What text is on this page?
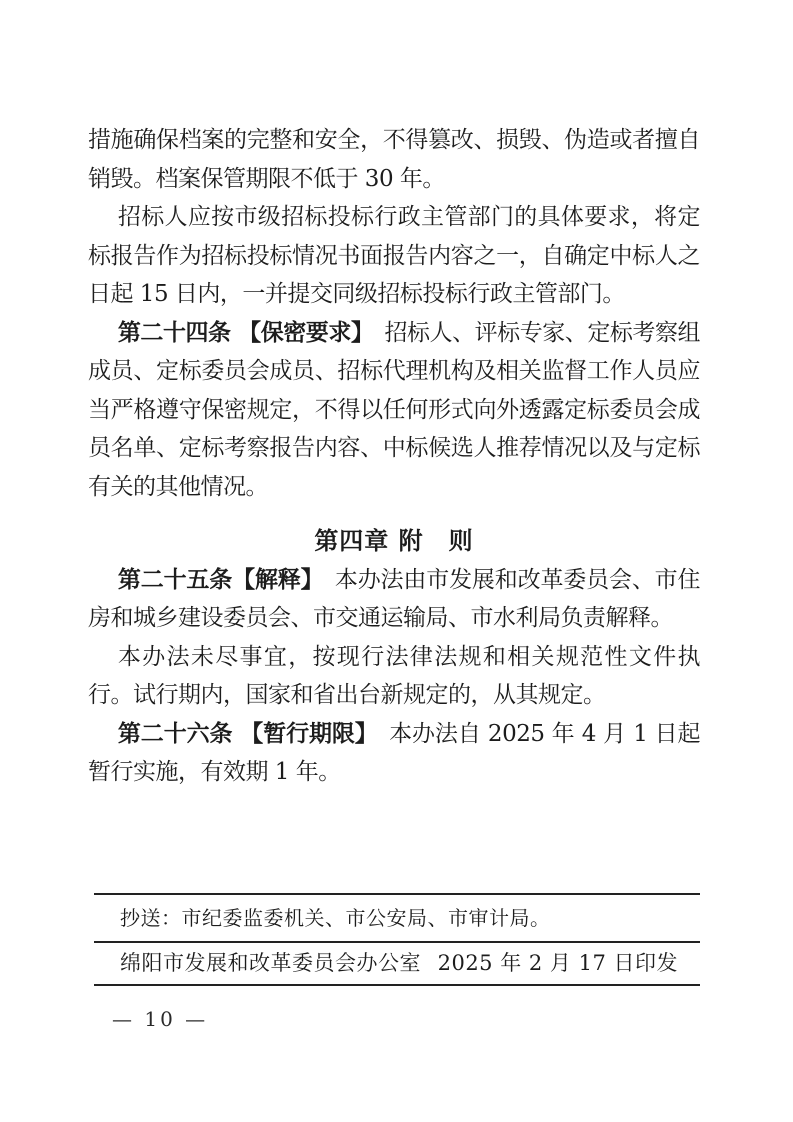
措施确保档案的完整和安全，不得篡改、损毁、伪造或者擅自销毁。档案保管期限不低于 30 年。

招标人应按市级招标投标行政主管部门的具体要求，将定标报告作为招标投标情况书面报告内容之一，自确定中标人之日起 15 日内，一并提交同级招标投标行政主管部门。

第二十四条 【保密要求】　招标人、评标专家、定标考察组成员、定标委员会成员、招标代理机构及相关监督工作人员应当严格遵守保密规定，不得以任何形式向外透露定标委员会成员名单、定标考察报告内容、中标候选人推荐情况以及与定标有关的其他情况。

第四章 附　则

第二十五条【解释】　本办法由市发展和改革委员会、市住房和城乡建设委员会、市交通运输局、市水利局负责解释。

本办法未尽事宜，按现行法律法规和相关规范性文件执行。试行期内，国家和省出台新规定的，从其规定。

第二十六条 【暂行期限】　本办法自 2025 年 4 月 1 日起暂行实施，有效期 1 年。

抄送：市纪委监委机关、市公安局、市审计局。
绵阳市发展和改革委员会办公室 2025 年 2 月 17 日印发
— 10 —
